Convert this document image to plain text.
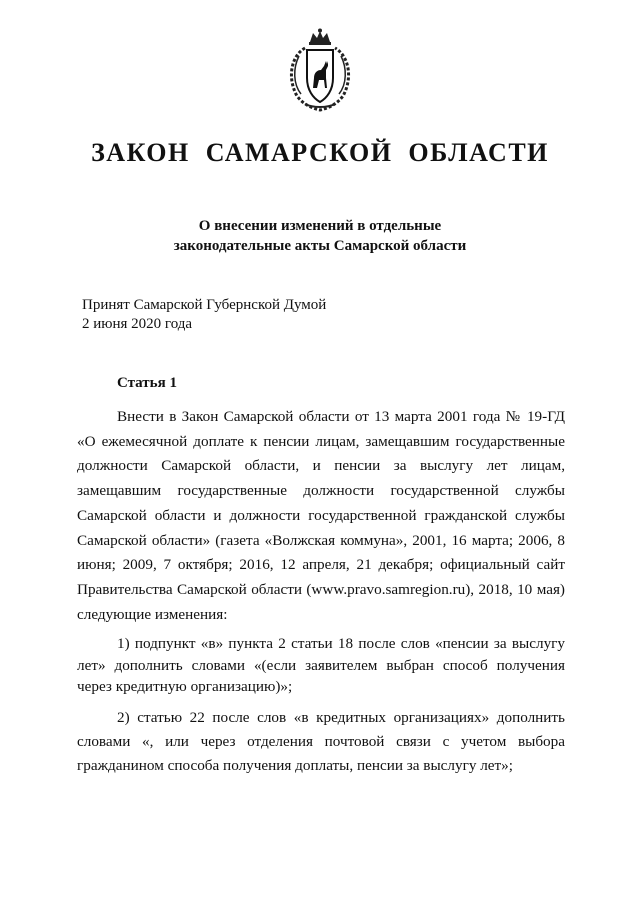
ЗАКОН САМАРСКОЙ ОБЛАСТИ
О внесении изменений в отдельные
законодательные акты Самарской области
Принят Самарской Губернской Думой
2 июня 2020 года
Статья 1

Внести в Закон Самарской области от 13 марта 2001 года № 19-ГД «О ежемесячной доплате к пенсии лицам, замещавшим государственные должности Самарской области, и пенсии за выслугу лет лицам, замещавшим государственные должности государственной службы Самарской области и должности государственной гражданской службы Самарской области» (газета «Волжская коммуна», 2001, 16 марта; 2006, 8 июня; 2009, 7 октября; 2016, 12 апреля, 21 декабря; официальный сайт Правительства Самарской области (www.pravo.samregion.ru), 2018, 10 мая) следующие изменения:

1) подпункт «в» пункта 2 статьи 18 после слов «пенсии за выслугу лет» дополнить словами «(если заявителем выбран способ получения через кредитную организацию)»;

2) статью 22 после слов «в кредитных организациях» дополнить словами «, или через отделения почтовой связи с учетом выбора гражданином способа получения доплаты, пенсии за выслугу лет»;
